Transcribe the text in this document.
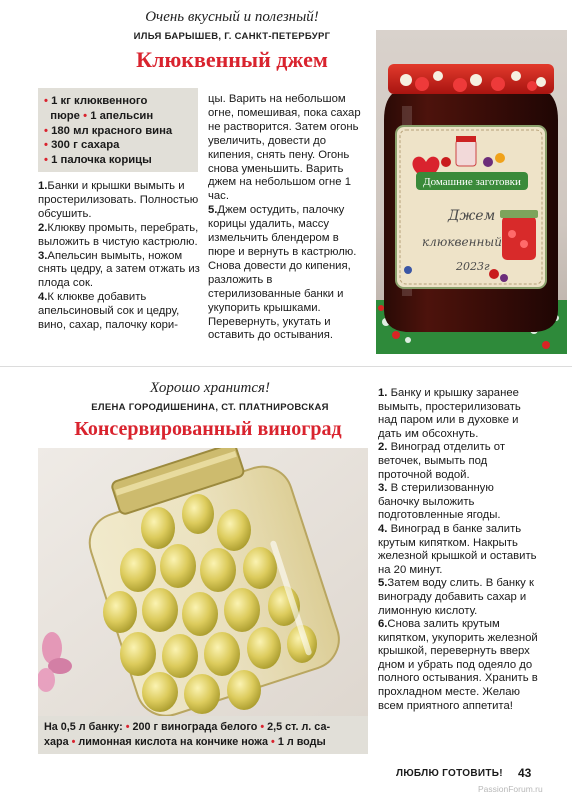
Очень вкусный и полезный!
ИЛЬЯ БАРЫШЕВ, Г. САНКТ-ПЕТЕРБУРГ
Клюквенный джем
• 1 кг клюквенного
пюре • 1 апельсин
• 180 мл красного вина
• 300 г сахара
• 1 палочка корицы

1.Банки и крышки вымыть и простерилизовать. Полностью обсушить.

2.Клюкву промыть, перебрать, выложить в чистую кастрюлю.

3.Апельсин вымыть, ножом снять цедру, а затем отжать из плода сок.

4.К клюкве добавить апельсиновый сок и цедру, вино, сахар, палочку кори-

цы. Варить на небольшом огне, помешивая, пока сахар не растворится. Затем огонь увеличить, довести до кипения, снять пену. Огонь снова уменьшить. Варить джем на небольшом огне 1 час.

5.Джем остудить, палочку корицы удалить, массу измельчить блендером в пюре и вернуть в кастрюлю. Снова довести до кипения, разложить в стерилизованные банки и укупорить крышками. Перевернуть, укутать и оставить до остывания.

Домашние заготовки
Джем
клюквенный
2023г
Хорошо хранится!
ЕЛЕНА ГОРОДИШЕНИНА, СТ. ПЛАТНИРОВСКАЯ
Консервированный виноград
На 0,5 л банку: • 200 г винограда белого • 2,5 ст. л. са-
хара • лимонная кислота на кончике ножа • 1 л воды

1. Банку и крышку заранее вымыть, простерилизовать над паром или в духовке и дать им обсохнуть.

2. Виноград отделить от веточек, вымыть под проточной водой.

3. В стерилизованную баночку выложить подготовленные ягоды.

4. Виноград в банке залить крутым кипятком. Накрыть железной крышкой и оставить на 20 минут.

5.Затем воду слить. В банку к винограду добавить сахар и лимонную кислоту.

6.Снова залить крутым кипятком, укупорить железной крышкой, перевернуть вверх дном и убрать под одеяло до полного остывания. Хранить в прохладном месте. Желаю всем приятного аппетита!

ЛЮБЛЮ ГОТОВИТЬ! 43
PassionForum.ru
